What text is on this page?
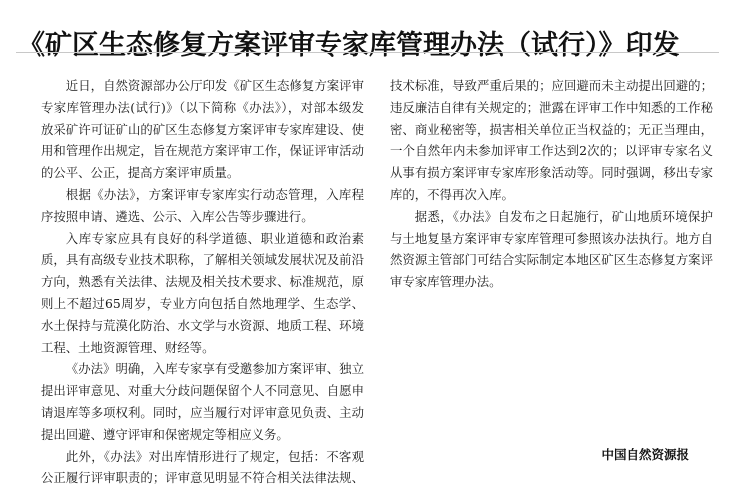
《矿区生态修复方案评审专家库管理办法（试行）》印发

近日，自然资源部办公厅印发《矿区生态修复方案评审专家库管理办法(试行)》（以下简称《办法》），对部本级发放采矿许可证矿山的矿区生态修复方案评审专家库建设、使用和管理作出规定，旨在规范方案评审工作，保证评审活动的公平、公正，提高方案评审质量。

根据《办法》，方案评审专家库实行动态管理，入库程序按照申请、遴选、公示、入库公告等步骤进行。

入库专家应具有良好的科学道德、职业道德和政治素质，具有高级专业技术职称，了解相关领域发展状况及前沿方向，熟悉有关法律、法规及相关技术要求、标准规范，原则上不超过65周岁，专业方向包括自然地理学、生态学、水土保持与荒漠化防治、水文学与水资源、地质工程、环境工程、土地资源管理、财经等。

《办法》明确，入库专家享有受邀参加方案评审、独立提出评审意见、对重大分歧问题保留个人不同意见、自愿申请退库等多项权利。同时，应当履行对评审意见负责、主动提出回避、遵守评审和保密规定等相应义务。

此外，《办法》对出库情形进行了规定，包括：不客观公正履行评审职责的；评审意见明显不符合相关法律法规、技术标准，导致严重后果的；应回避而未主动提出回避的；违反廉洁自律有关规定的；泄露在评审工作中知悉的工作秘密、商业秘密等，损害相关单位正当权益的；无正当理由，一个自然年内未参加评审工作达到2次的；以评审专家名义从事有损方案评审专家库形象活动等。同时强调，移出专家库的，不得再次入库。

据悉，《办法》自发布之日起施行，矿山地质环境保护与土地复垦方案评审专家库管理可参照该办法执行。地方自然资源主管部门可结合实际制定本地区矿区生态修复方案评审专家库管理办法。

中国自然资源报
